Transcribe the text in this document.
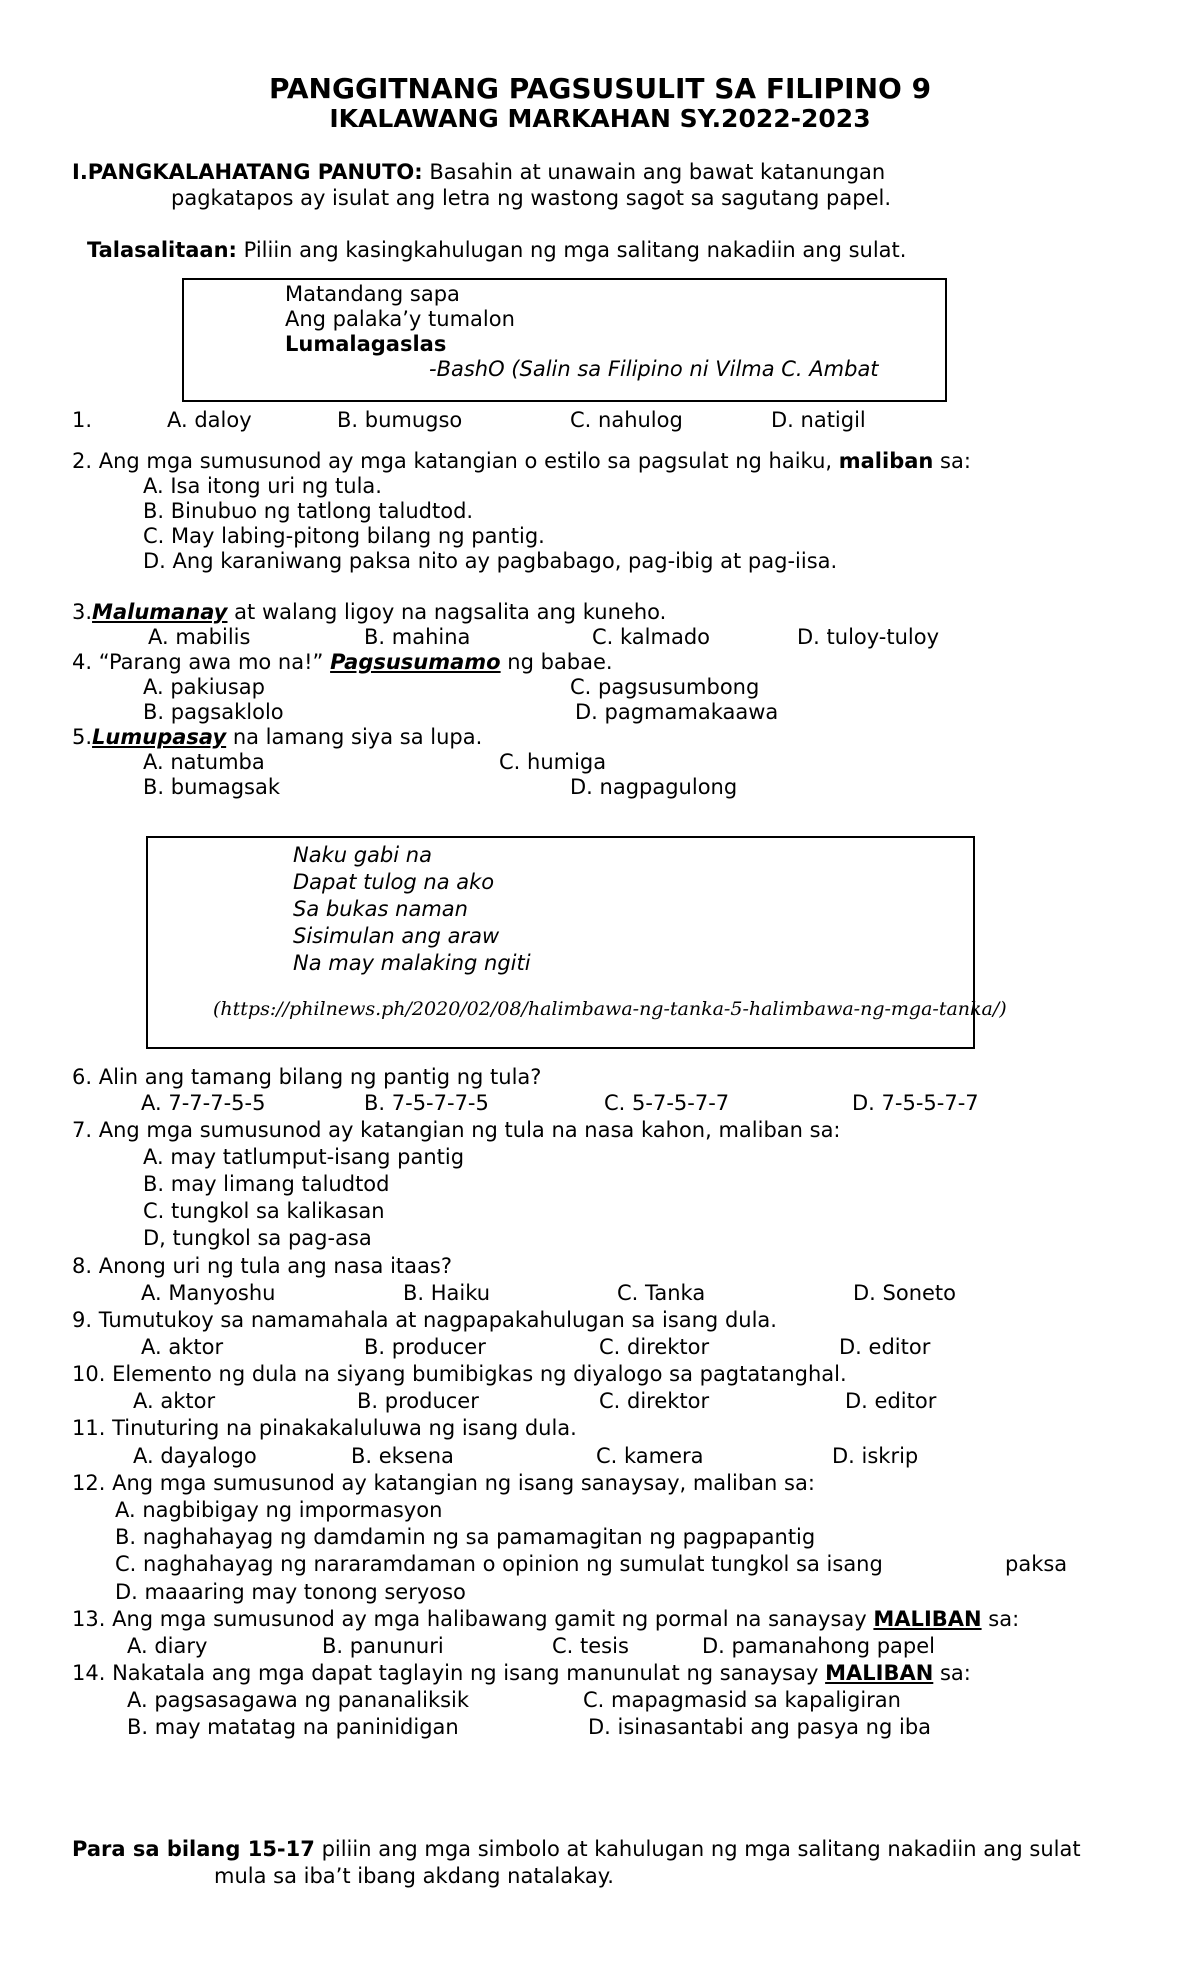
PANGGITNANG PAGSUSULIT SA FILIPINO 9
IKALAWANG MARKAHAN SY.2022-2023
I.PANGKALAHATANG PANUTO: Basahin at unawain ang bawat katanungan
pagkatapos ay isulat ang letra ng wastong sagot sa sagutang papel.
Talasalitaan: Piliin ang kasingkahulugan ng mga salitang nakadiin ang sulat.
Matandang sapa
Ang palaka’y tumalon
Lumalagaslas
-BashO (Salin sa Filipino ni Vilma C. Ambat
1.	A. daloy	B. bumugso	C. nahulog	D. natigil
2. Ang mga sumusunod ay mga katangian o estilo sa pagsulat ng haiku, maliban sa:
A. Isa itong uri ng tula.
B. Binubuo ng tatlong taludtod.
C. May labing-pitong bilang ng pantig.
D. Ang karaniwang paksa nito ay pagbabago, pag-ibig at pag-iisa.
3.Malumanay at walang ligoy na nagsalita ang kuneho.
A. mabilis	B. mahina	C. kalmado	D. tuloy-tuloy
4. “Parang awa mo na!” Pagsusumamo ng babae.
A. pakiusap	C. pagsusumbong
B. pagsaklolo	D. pagmamakaawa
5.Lumupasay na lamang siya sa lupa.
A. natumba	C. humiga
B. bumagsak	D. nagpagulong
Naku gabi na
Dapat tulog na ako
Sa bukas naman
Sisimulan ang araw
Na may malaking ngiti
(https://philnews.ph/2020/02/08/halimbawa-ng-tanka-5-halimbawa-ng-mga-tanka/)
6. Alin ang tamang bilang ng pantig ng tula?
A. 7-7-7-5-5	B. 7-5-7-7-5	C. 5-7-5-7-7	D. 7-5-5-7-7
7. Ang mga sumusunod ay katangian ng tula na nasa kahon, maliban sa:
A. may tatlumput-isang pantig
B. may limang taludtod
C. tungkol sa kalikasan
D, tungkol sa pag-asa
8. Anong uri ng tula ang nasa itaas?
A. Manyoshu	B. Haiku	C. Tanka	D. Soneto
9. Tumutukoy sa namamahala at nagpapakahulugan sa isang dula.
A. aktor	B. producer	C. direktor	D. editor
10. Elemento ng dula na siyang bumibigkas ng diyalogo sa pagtatanghal.
A. aktor	B. producer	C. direktor	D. editor
11. Tinuturing na pinakakaluluwa ng isang dula.
A. dayalogo	B. eksena	C. kamera	D. iskrip
12. Ang mga sumusunod ay katangian ng isang sanaysay, maliban sa:
A. nagbibigay ng impormasyon
B. naghahayag ng damdamin ng sa pamamagitan ng pagpapantig
C. naghahayag ng nararamdaman o opinion ng sumulat tungkol sa isang	paksa
D. maaaring may tonong seryoso
13. Ang mga sumusunod ay mga halibawang gamit ng pormal na sanaysay MALIBAN sa:
A. diary	B. panunuri	C. tesis	D. pamanahong papel
14. Nakatala ang mga dapat taglayin ng isang manunulat ng sanaysay MALIBAN sa:
A. pagsasagawa ng pananaliksik	C. mapagmasid sa kapaligiran
B. may matatag na paninidigan	D. isinasantabi ang pasya ng iba
Para sa bilang 15-17 piliin ang mga simbolo at kahulugan ng mga salitang nakadiin ang sulat
mula sa iba’t ibang akdang natalakay.
